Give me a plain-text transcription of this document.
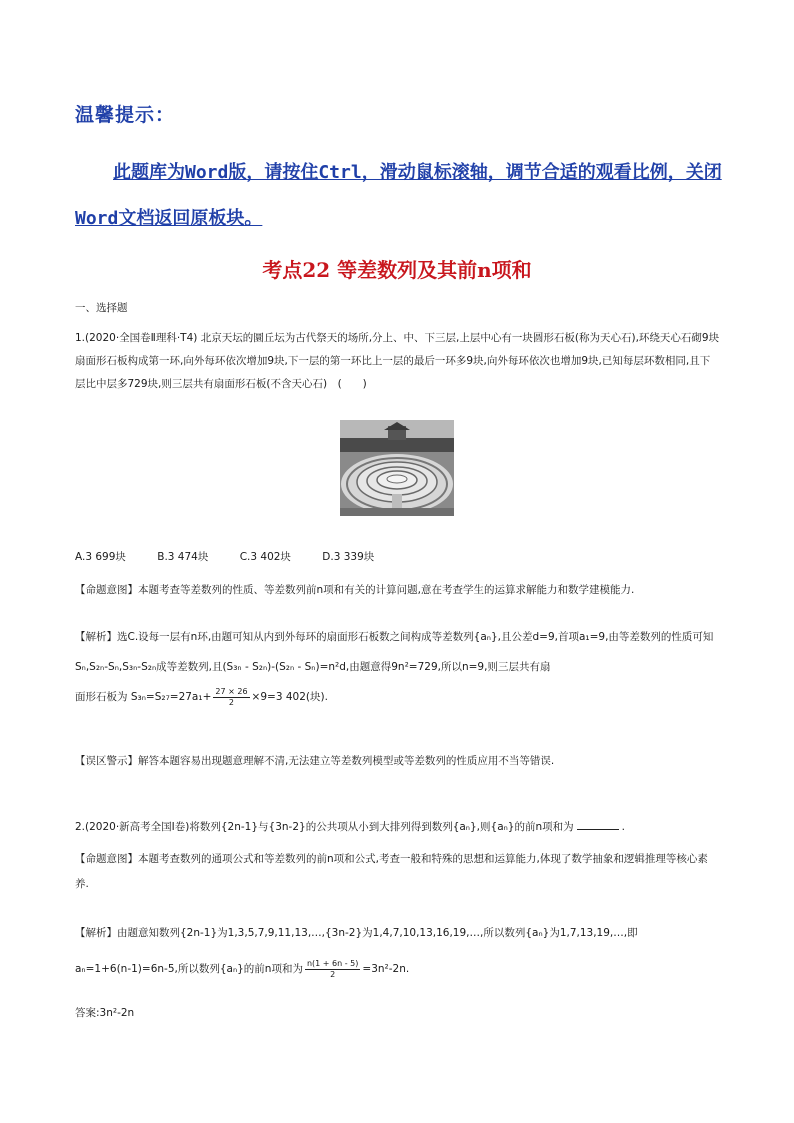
温馨提示：
此题库为Word版，请按住Ctrl，滑动鼠标滚轴，调节合适的观看比例，关闭Word文档返回原板块。
考点22 等差数列及其前n项和
一、选择题
1.(2020·全国卷Ⅱ理科·T4) 北京天坛的圜丘坛为古代祭天的场所,分上、中、下三层,上层中心有一块圆形石板(称为天心石),环绕天心石砌9块扇面形石板构成第一环,向外每环依次增加9块,下一层的第一环比上一层的最后一环多9块,向外每环依次也增加9块,已知每层环数相同,且下层比中层多729块,则三层共有扇面形石板(不含天心石)　(　　)
A.3 699块	B.3 474块	C.3 402块	D.3 339块
【命题意图】本题考查等差数列的性质、等差数列前n项和有关的计算问题,意在考查学生的运算求解能力和数学建模能力.
【解析】选C.设每一层有n环,由题可知从内到外每环的扇面形石板数之间构成等差数列{aₙ},且公差d=9,首项a₁=9,由等差数列的性质可知Sₙ,S₂ₙ-Sₙ,S₃ₙ-S₂ₙ成等差数列,且(S₃ₙ - S₂ₙ)-(S₂ₙ - Sₙ)=n²d,由题意得9n²=729,所以n=9,则三层共有扇
面形石板为 $S_{3n}=S_{27}=27a_1+ \frac{27 \times 26}{2} \times 9=3$ 402(块).
【误区警示】解答本题容易出现题意理解不清,无法建立等差数列模型或等差数列的性质应用不当等错误.
2.(2020·新高考全国Ⅰ卷)将数列{2n-1}与{3n-2}的公共项从小到大排列得到数列{aₙ},则{aₙ}的前n项和为	.
【命题意图】本题考查数列的通项公式和等差数列的前n项和公式,考查一般和特殊的思想和运算能力,体现了数学抽象和逻辑推理等核心素养.
【解析】由题意知数列{2n-1}为1,3,5,7,9,11,13,…,{3n-2}为1,4,7,10,13,16,19,…,所以数列{aₙ}为1,7,13,19,…,即
aₙ=1+6(n-1)=6n-5,所以数列{aₙ}的前n项和为 $\frac{n(1 + 6n - 5)}{2} =3n^2-2n$.
答案:3n²-2n
